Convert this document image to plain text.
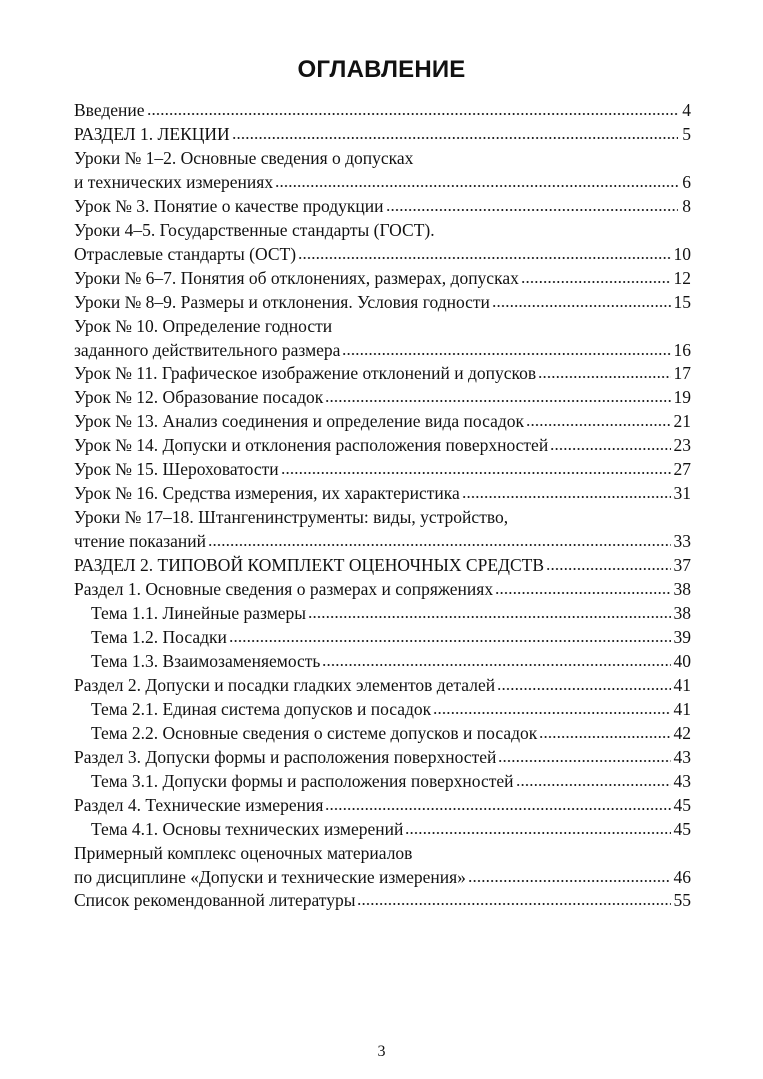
ОГЛАВЛЕНИЕ
Введение	4
РАЗДЕЛ 1. ЛЕКЦИИ	5
Уроки № 1–2. Основные сведения о допусках
и технических измерениях	6
Урок № 3. Понятие о качестве продукции	8
Уроки 4–5. Государственные стандарты (ГОСТ).
Отраслевые стандарты (ОСТ)	10
Уроки № 6–7. Понятия об отклонениях, размерах, допусках	12
Уроки № 8–9. Размеры и отклонения. Условия годности	15
Урок № 10. Определение годности
заданного действительного размера	16
Урок № 11. Графическое изображение отклонений и допусков	17
Урок № 12. Образование посадок	19
Урок № 13. Анализ соединения и определение вида посадок	21
Урок № 14. Допуски и отклонения расположения поверхностей	23
Урок № 15. Шероховатости	27
Урок № 16. Средства измерения, их характеристика	31
Уроки № 17–18. Штангенинструменты: виды, устройство,
чтение показаний	33
РАЗДЕЛ 2. ТИПОВОЙ КОМПЛЕКТ ОЦЕНОЧНЫХ СРЕДСТВ	37
Раздел 1. Основные сведения о размерах и сопряжениях	38
Тема 1.1. Линейные размеры	38
Тема 1.2. Посадки	39
Тема 1.3. Взаимозаменяемость	40
Раздел 2. Допуски и посадки гладких элементов деталей	41
Тема 2.1. Единая система допусков и посадок	41
Тема 2.2. Основные сведения о системе допусков и посадок	42
Раздел 3. Допуски формы и расположения поверхностей	43
Тема 3.1. Допуски формы и расположения поверхностей	43
Раздел 4. Технические измерения	45
Тема 4.1. Основы технических измерений	45
Примерный комплекс оценочных материалов
по дисциплине «Допуски и технические измерения»	46
Список рекомендованной литературы	55
3
